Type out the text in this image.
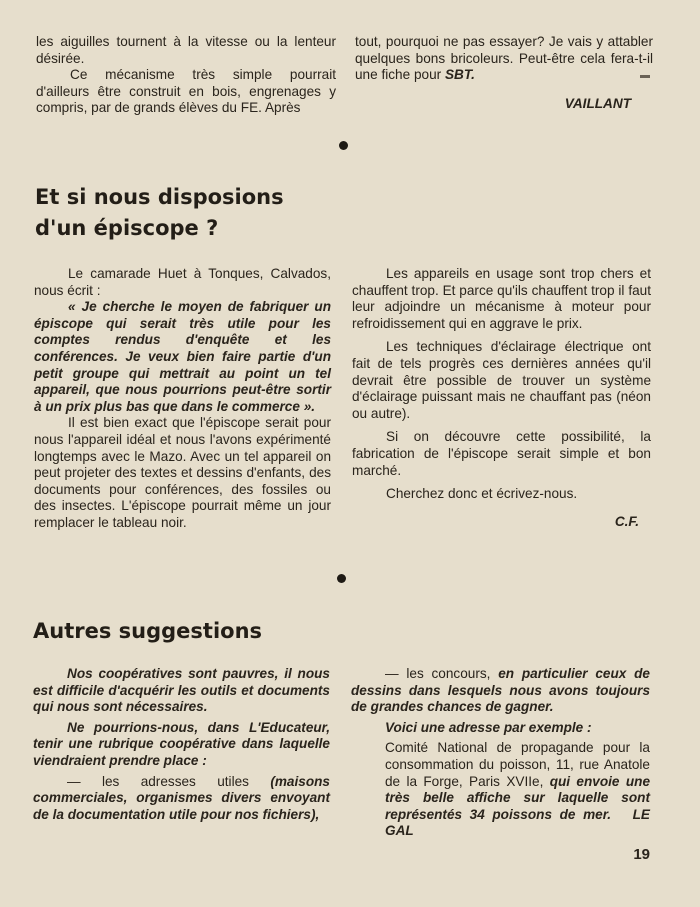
les aiguilles tournent à la vitesse ou la lenteur désirée.

Ce mécanisme très simple pourrait d'ailleurs être construit en bois, engrenages y compris, par de grands élèves du FE. Après

tout, pourquoi ne pas essayer? Je vais y attabler quelques bons bricoleurs. Peut-être cela fera-t-il une fiche pour SBT.

VAILLANT

Et si nous disposions
d'un épiscope ?

Le camarade Huet à Tonques, Calvados, nous écrit :

« Je cherche le moyen de fabriquer un épiscope qui serait très utile pour les comptes rendus d'enquête et les conférences. Je veux bien faire partie d'un petit groupe qui mettrait au point un tel appareil, que nous pourrions peut-être sortir à un prix plus bas que dans le commerce ».

Il est bien exact que l'épiscope serait pour nous l'appareil idéal et nous l'avons expérimenté longtemps avec le Mazo. Avec un tel appareil on peut projeter des textes et dessins d'enfants, des documents pour conférences, des fossiles ou des insectes. L'épiscope pourrait même un jour remplacer le tableau noir.

Les appareils en usage sont trop chers et chauffent trop. Et parce qu'ils chauffent trop il faut leur adjoindre un mécanisme à moteur pour refroidissement qui en aggrave le prix.

Les techniques d'éclairage électrique ont fait de tels progrès ces dernières années qu'il devrait être possible de trouver un système d'éclairage puissant mais ne chauffant pas (néon ou autre).

Si on découvre cette possibilité, la fabrication de l'épiscope serait simple et bon marché.

Cherchez donc et écrivez-nous.

C.F.

Autres suggestions

Nos coopératives sont pauvres, il nous est difficile d'acquérir les outils et documents qui nous sont nécessaires.

Ne pourrions-nous, dans L'Educateur, tenir une rubrique coopérative dans laquelle viendraient prendre place :

— les adresses utiles (maisons commerciales, organismes divers envoyant de la documentation utile pour nos fichiers),

— les concours, en particulier ceux de dessins dans lesquels nous avons toujours de grandes chances de gagner.

Voici une adresse par exemple :

Comité National de propagande pour la consommation du poisson, 11, rue Anatole de la Forge, Paris XVIIe, qui envoie une très belle affiche sur laquelle sont représentés 34 poissons de mer. LE GAL

19
